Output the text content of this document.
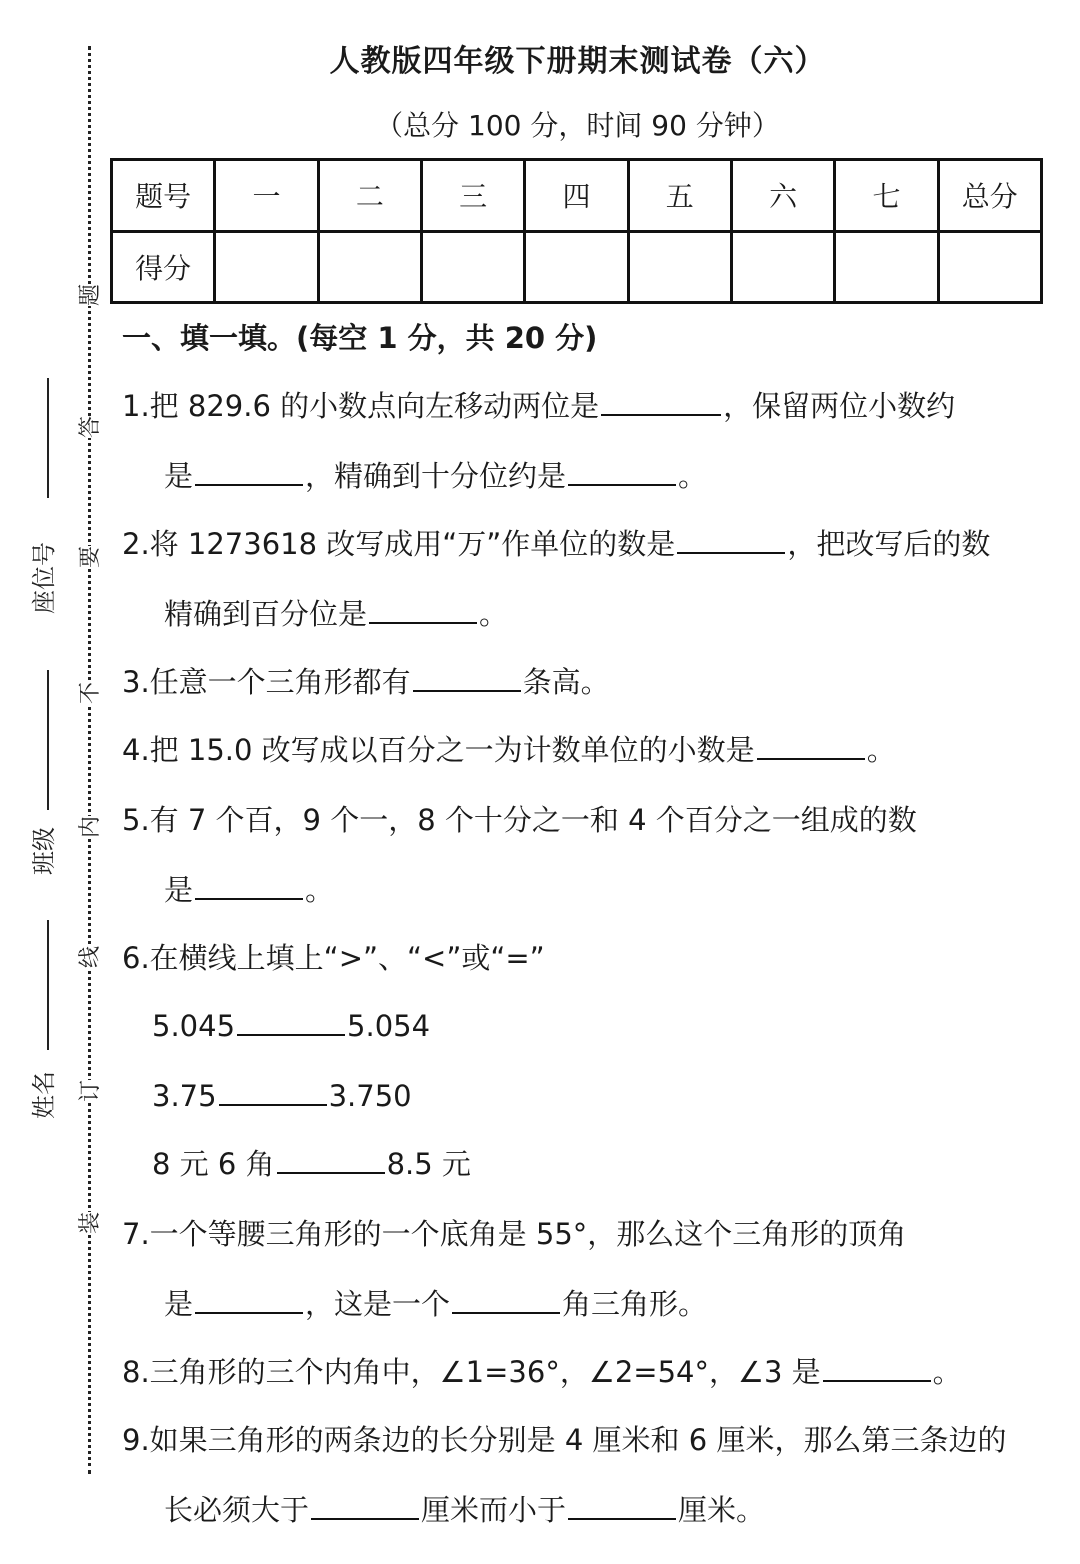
题
答
要
不
内
线
订
装
座位号
班级
姓名
人教版四年级下册期末测试卷（六）
（总分 100 分，时间 90 分钟）
题号	一	二	三	四	五	六	七	总分
得分								
一、填一填。(每空 1 分，共 20 分)
1.把 829.6 的小数点向左移动两位是	，保留两位小数约
是	，精确到十分位约是	。
2.将 1273618 改写成用“万”作单位的数是	，把改写后的数
精确到百分位是	。
3.任意一个三角形都有	条高。
4.把 15.0 改写成以百分之一为计数单位的小数是	。
5.有 7 个百，9 个一，8 个十分之一和 4 个百分之一组成的数
是	。
6.在横线上填上“>”、“<”或“=”
5.045	5.054
3.75	3.750
8 元 6 角	8.5 元
7.一个等腰三角形的一个底角是 55°，那么这个三角形的顶角
是	，这是一个	角三角形。
8.三角形的三个内角中，∠1=36°，∠2=54°，∠3 是	。
9.如果三角形的两条边的长分别是 4 厘米和 6 厘米，那么第三条边的
长必须大于	厘米而小于	厘米。
